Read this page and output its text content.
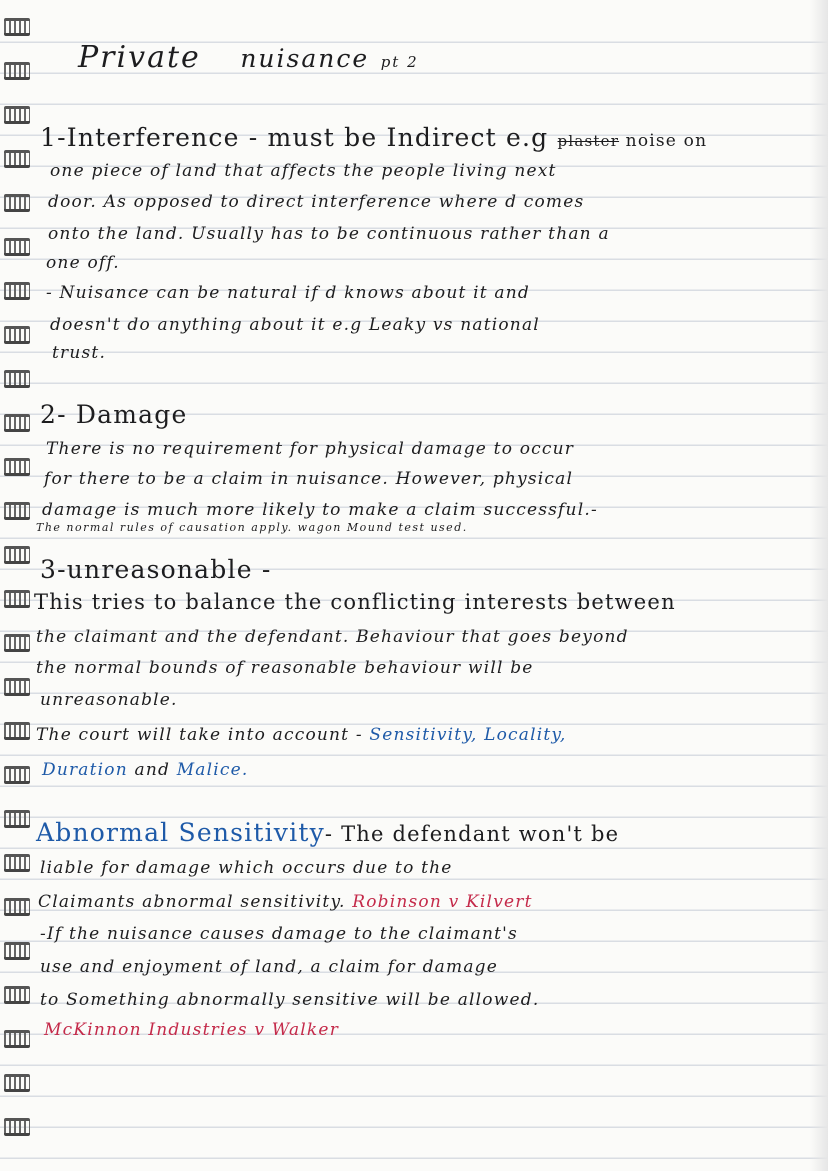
Private nuisance pt 2
1-Interference - must be Indirect e.g plaster noise on
one piece of land that affects the people living next
door. As opposed to direct interference where d comes
onto the land. Usually has to be continuous rather than a
one off.
- Nuisance can be natural if d knows about it and
doesn't do anything about it e.g Leaky vs national
trust.
2- Damage
There is no requirement for physical damage to occur
for there to be a claim in nuisance. However, physical
damage is much more likely to make a claim successful.-
The normal rules of causation apply. wagon Mound test used.
3-unreasonable -
This tries to balance the conflicting interests between
the claimant and the defendant. Behaviour that goes beyond
the normal bounds of reasonable behaviour will be
unreasonable.
The court will take into account - Sensitivity, Locality,
Duration and Malice.
Abnormal Sensitivity- The defendant won't be
liable for damage which occurs due to the
Claimants abnormal sensitivity. Robinson v Kilvert
-If the nuisance causes damage to the claimant's
use and enjoyment of land, a claim for damage
to Something abnormally sensitive will be allowed.
McKinnon Industries v Walker
